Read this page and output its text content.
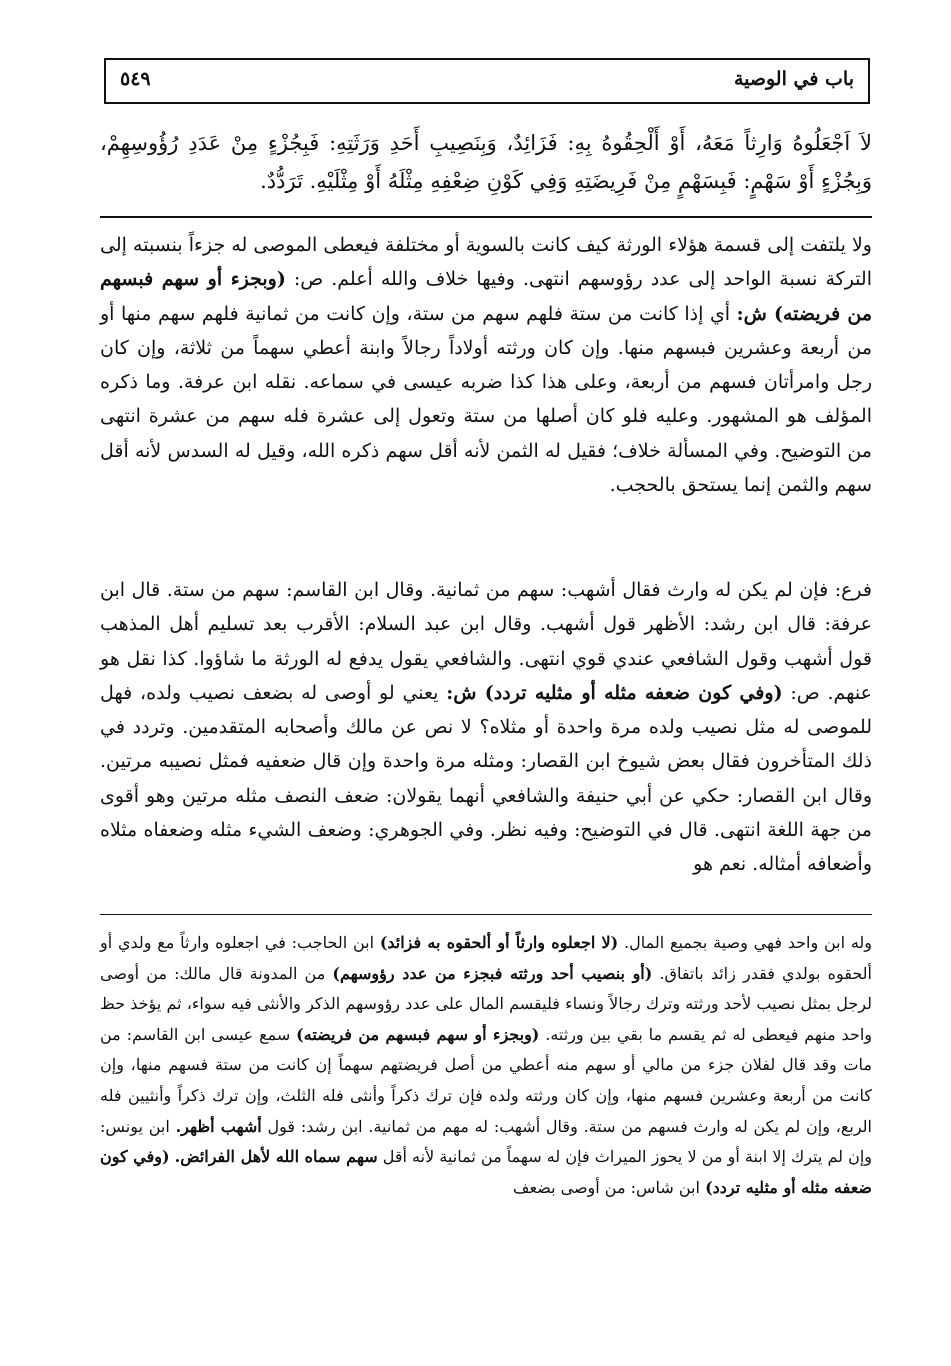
باب في الوصية
٥٤٩

لاَ اَجْعَلُوهُ وَارِثاً مَعَهُ، أَوْ أَلْحِقُوهُ بِهِ: فَزَائِدٌ، وَبِنَصِيبِ أَحَدِ وَرَثَتِهِ: فَبِجُزْءٍ مِنْ عَدَدِ رُؤُوسِهِمْ، وَبِجُزْءٍ أَوْ سَهْمٍ: فَبِسَهْمٍ مِنْ فَرِيضَتِهِ وَفِي كَوْنِ ضِعْفِهِ مِثْلَهُ أَوْ مِثْلَيْهِ. تَرَدُّدٌ.

ولا يلتفت إلى قسمة هؤلاء الورثة كيف كانت بالسوية أو مختلفة فيعطى الموصى له جزءاً بنسبته إلى التركة نسبة الواحد إلى عدد رؤوسهم انتهى. وفيها خلاف والله أعلم. ص: (وبجزء أو سهم فبسهم من فريضته) ش: أي إذا كانت من ستة فلهم سهم من ستة، وإن كانت من ثمانية فلهم سهم منها أو من أربعة وعشرين فبسهم منها. وإن كان ورثته أولاداً رجالاً وابنة أعطي سهماً من ثلاثة، وإن كان رجل وامرأتان فسهم من أربعة، وعلى هذا كذا ضربه عيسى في سماعه. نقله ابن عرفة. وما ذكره المؤلف هو المشهور. وعليه فلو كان أصلها من ستة وتعول إلى عشرة فله سهم من عشرة انتهى من التوضيح. وفي المسألة خلاف؛ فقيل له الثمن لأنه أقل سهم ذكره الله، وقيل له السدس لأنه أقل سهم والثمن إنما يستحق بالحجب.

فرع: فإن لم يكن له وارث فقال أشهب: سهم من ثمانية. وقال ابن القاسم: سهم من ستة. قال ابن عرفة: قال ابن رشد: الأظهر قول أشهب. وقال ابن عبد السلام: الأقرب بعد تسليم أهل المذهب قول أشهب وقول الشافعي عندي قوي انتهى. والشافعي يقول يدفع له الورثة ما شاؤوا. كذا نقل هو عنهم. ص: (وفي كون ضعفه مثله أو مثليه تردد) ش: يعني لو أوصى له بضعف نصيب ولده، فهل للموصى له مثل نصيب ولده مرة واحدة أو مثلاه؟ لا نص عن مالك وأصحابه المتقدمين. وتردد في ذلك المتأخرون فقال بعض شيوخ ابن القصار: ومثله مرة واحدة وإن قال ضعفيه فمثل نصيبه مرتين. وقال ابن القصار: حكي عن أبي حنيفة والشافعي أنهما يقولان: ضعف النصف مثله مرتين وهو أقوى من جهة اللغة انتهى. قال في التوضيح: وفيه نظر. وفي الجوهري: وضعف الشيء مثله وضعفاه مثلاه وأضعافه أمثاله. نعم هو

وله ابن واحد فهي وصية بجميع المال. (لا اجعلوه وارثاً أو ألحقوه به فزائد) ابن الحاجب: في اجعلوه وارثاً مع ولدي أو ألحقوه بولدي فقدر زائد باتفاق. (أو بنصيب أحد ورثته فبجزء من عدد رؤوسهم) من المدونة قال مالك: من أوصى لرجل بمثل نصيب لأحد ورثته وترك رجالاً ونساء فليقسم المال على عدد رؤوسهم الذكر والأنثى فيه سواء، ثم يؤخذ حظ واحد منهم فيعطى له ثم يقسم ما بقي بين ورثته. (وبجزء أو سهم فبسهم من فريضته) سمع عيسى ابن القاسم: من مات وقد قال لفلان جزء من مالي أو سهم منه أعطي من أصل فريضتهم سهماً إن كانت من ستة فسهم منها، وإن كانت من أربعة وعشرين فسهم منها، وإن كان ورثته ولده فإن ترك ذكراً وأنثى فله الثلث، وإن ترك ذكراً وأنثيين فله الربع، وإن لم يكن له وارث فسهم من ستة. وقال أشهب: له مهم من ثمانية. ابن رشد: قول أشهب أظهر. ابن يونس: وإن لم يترك إلا ابنة أو من لا يحوز الميراث فإن له سهماً من ثمانية لأنه أقل سهم سماه الله لأهل الفرائض. (وفي كون ضعفه مثله أو مثليه تردد) ابن شاس: من أوصى بضعف
